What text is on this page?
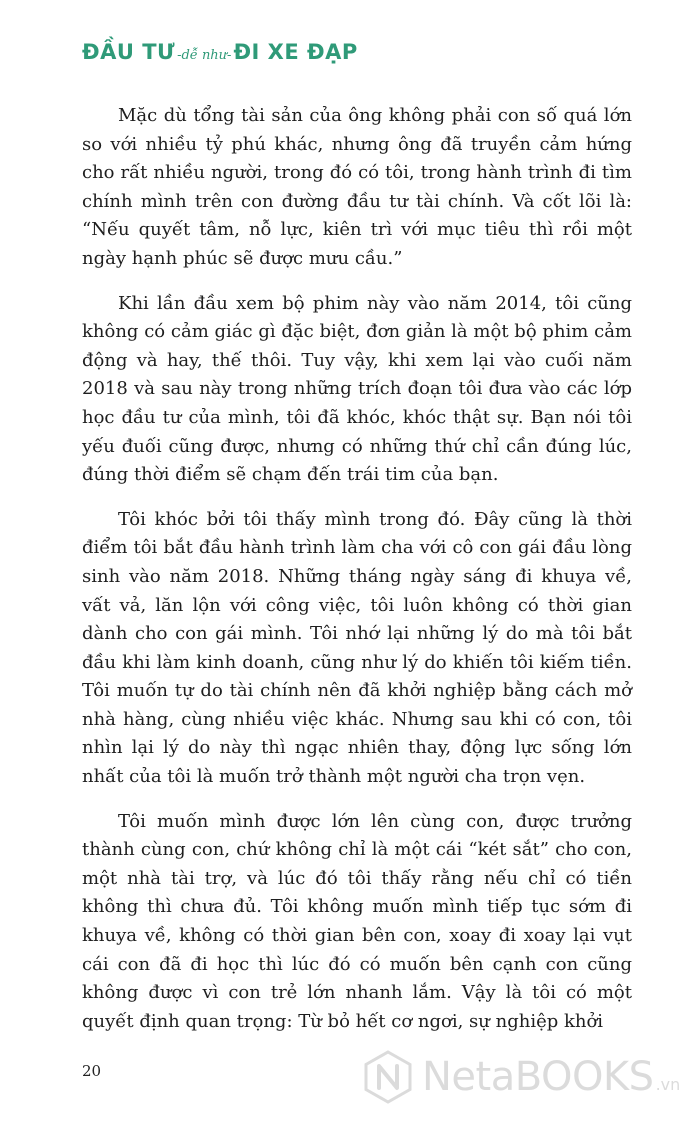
ĐẦU TƯ -dễ như- ĐI XE ĐẠP

Mặc dù tổng tài sản của ông không phải con số quá lớn so với nhiều tỷ phú khác, nhưng ông đã truyền cảm hứng cho rất nhiều người, trong đó có tôi, trong hành trình đi tìm chính mình trên con đường đầu tư tài chính. Và cốt lõi là: “Nếu quyết tâm, nỗ lực, kiên trì với mục tiêu thì rồi một ngày hạnh phúc sẽ được mưu cầu.”

Khi lần đầu xem bộ phim này vào năm 2014, tôi cũng không có cảm giác gì đặc biệt, đơn giản là một bộ phim cảm động và hay, thế thôi. Tuy vậy, khi xem lại vào cuối năm 2018 và sau này trong những trích đoạn tôi đưa vào các lớp học đầu tư của mình, tôi đã khóc, khóc thật sự. Bạn nói tôi yếu đuối cũng được, nhưng có những thứ chỉ cần đúng lúc, đúng thời điểm sẽ chạm đến trái tim của bạn.

Tôi khóc bởi tôi thấy mình trong đó. Đây cũng là thời điểm tôi bắt đầu hành trình làm cha với cô con gái đầu lòng sinh vào năm 2018. Những tháng ngày sáng đi khuya về, vất vả, lăn lộn với công việc, tôi luôn không có thời gian dành cho con gái mình. Tôi nhớ lại những lý do mà tôi bắt đầu khi làm kinh doanh, cũng như lý do khiến tôi kiếm tiền. Tôi muốn tự do tài chính nên đã khởi nghiệp bằng cách mở nhà hàng, cùng nhiều việc khác. Nhưng sau khi có con, tôi nhìn lại lý do này thì ngạc nhiên thay, động lực sống lớn nhất của tôi là muốn trở thành một người cha trọn vẹn.

Tôi muốn mình được lớn lên cùng con, được trưởng thành cùng con, chứ không chỉ là một cái “két sắt” cho con, một nhà tài trợ, và lúc đó tôi thấy rằng nếu chỉ có tiền không thì chưa đủ. Tôi không muốn mình tiếp tục sớm đi khuya về, không có thời gian bên con, xoay đi xoay lại vụt cái con đã đi học thì lúc đó có muốn bên cạnh con cũng không được vì con trẻ lớn nhanh lắm. Vậy là tôi có một quyết định quan trọng: Từ bỏ hết cơ ngơi, sự nghiệp khởi

20	NetaBOOKS .vn
